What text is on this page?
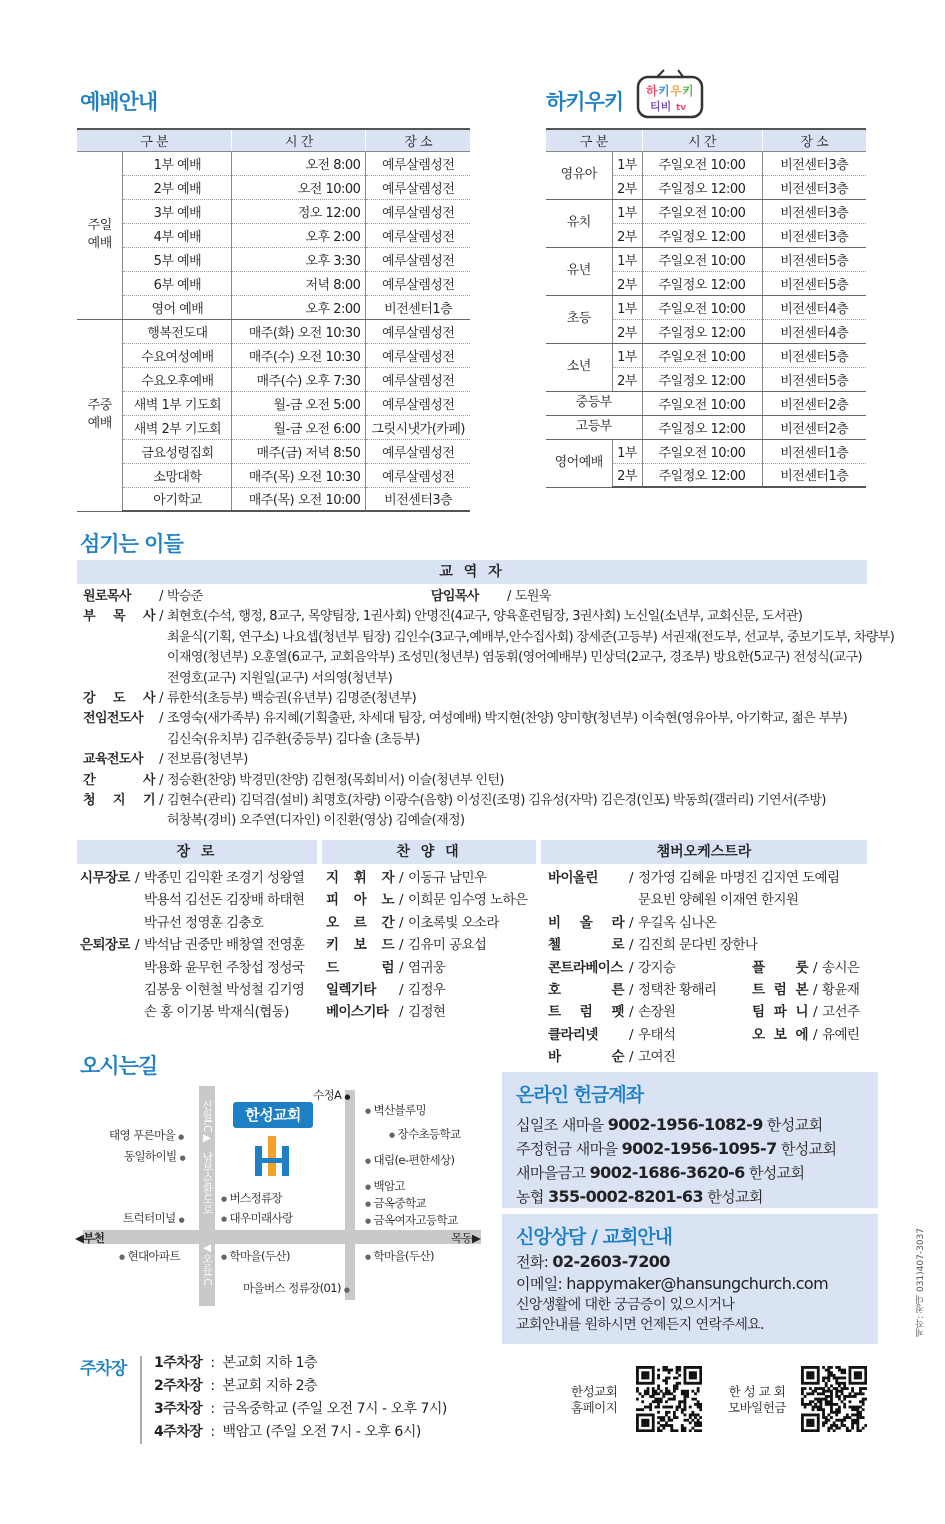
예배안내
구 분		시 간	장 소
주일
예배	1부 예배	오전 8:00	예루살렘성전
	2부 예배	오전 10:00	예루살렘성전
	3부 예배	정오 12:00	예루살렘성전
	4부 예배	오후 2:00	예루살렘성전
	5부 예배	오후 3:30	예루살렘성전
	6부 예배	저녁 8:00	예루살렘성전
	영어 예배	오후 2:00	비전센터1층
주중
예배	행복전도대	매주(화) 오전 10:30	예루살렘성전
	수요여성예배	매주(수) 오전 10:30	예루살렘성전
	수요오후예배	매주(수) 오후 7:30	예루살렘성전
	새벽 1부 기도회	월-금 오전 5:00	예루살렘성전
	새벽 2부 기도회	월-금 오전 6:00	그릿시냇가(카페)
	금요성령집회	매주(금) 저녁 8:50	예루살렘성전
	소망대학	매주(목) 오전 10:30	예루살렘성전
	아기학교	매주(목) 오전 10:00	비전센터3층
하키우키 하 키 우 키
티비 tv
구 분		시 간	장 소
영유아	1부	주일오전 10:00	비전센터3층
	2부	주일정오 12:00	비전센터3층
유치	1부	주일오전 10:00	비전센터3층
	2부	주일정오 12:00	비전센터3층
유년	1부	주일오전 10:00	비전센터5층
	2부	주일정오 12:00	비전센터5층
초등	1부	주일오전 10:00	비전센터4층
	2부	주일정오 12:00	비전센터4층
소년	1부	주일오전 10:00	비전센터5층
	2부	주일정오 12:00	비전센터5층
중등부		주일오전 10:00	비전센터2층
고등부		주일정오 12:00	비전센터2층
영어예배	1부	주일오전 10:00	비전센터1층
	2부	주일정오 12:00	비전센터1층
섬기는 이들
교 역 자
원로목사	/ 박승준	담임목사	/ 도원욱
부 목 사 / 최현호(수석, 행정, 8교구, 목양팀장, 1권사회) 안명진(4교구, 양육훈련팀장, 3권사회) 노신일(소년부, 교회신문, 도서관)
최윤식(기획, 연구소) 나요셉(청년부 팀장) 김인수(3교구,예배부,안수집사회) 장세준(고등부) 서권재(전도부, 선교부, 중보기도부, 차량부)
이재영(청년부) 오훈열(6교구, 교회음악부) 조성민(청년부) 염동휘(영어예배부) 민상덕(2교구, 경조부) 방요한(5교구) 전성식(교구)
전영호(교구) 지원일(교구) 서의영(청년부)
강 도 사 / 류한석(초등부) 백승권(유년부) 김명준(청년부)
전임전도사	/ 조영숙(새가족부) 유지혜(기획출판, 차세대 팀장, 여성예배) 박지현(찬양) 양미향(청년부) 이숙현(영유아부, 아기학교, 젊은 부부)
김신숙(유치부) 김주환(중등부) 김다솔 (초등부)
교육전도사	/ 전보름(청년부)
간 사 / 정승환(찬양) 박경민(찬양) 김현정(목회비서) 이슬(청년부 인턴)
청 지 기 / 김현수(관리) 김덕겸(설비) 최명호(차량) 이광수(음향) 이성진(조명) 김유성(자막) 김은경(인포) 박동희(갤러리) 기연서(주방)
허창복(경비) 오주연(디자인) 이진환(영상) 김예슬(재정)
장 로	찬 양 대	챔버오케스트라
시무장로 / 박종민 김익환 조경기 성왕열
박용석 김선돈 김장배 하태현
박규선 정영훈 김충호
은퇴장로 / 박석남 권중만 배창열 전영훈
박용화 윤무헌 주창섭 정성국
김봉웅 이현철 박성철 김기영
손 홍 이기봉 박재식(협동)
지 휘 자 / 이동규 남민우
피 아 노 / 이희문 임수영 노하은
오 르 간 / 이초록빛 오소라
키 보 드 / 김유미 공요섭
드 럼 / 염귀웅
일렉기타	/ 김정우
베이스기타 / 김정현
바이올린	/ 정가영 김혜윤 마명진 김지연 도예림
문요빈 양혜원 이재연 한지원
비 올 라 / 우길옥 심나온
첼 로 / 김진희 문다빈 장한나
콘트라베이스 / 강지승	플 룻 / 송시은
호 른 / 정택찬 황해리	트 럼 본 / 황윤재
트 럼 펫 / 손장원	팀 파 니 / 고선주
클라리넷	/ 우태석	오 보 에 / 유예린
바 순 / 고여진
오시는길
신월I.C▶
남부순환도로
◀오류I.C
한성교회
수정A ●
● 벽산블루밍
● 장수초등학교
태영 푸른마을 ●
동일하이빌 ●	● 대림(e-편한세상)
● 백암고
● 버스정류장	● 금옥중학교
● 대우미래사랑
트럭터미널 ●	● 금옥여자고등학교
◀부천	목동▶
● 현대아파트	● 학마을(두산)	● 학마을(두산)
마을버스 정류장(01) ●
온라인 헌금계좌
십일조 새마을 9002-1956-1082-9 한성교회
주정헌금 새마을 9002-1956-1095-7 한성교회
새마을금고 9002-1686-3620-6 한성교회
농협 355-0002-8201-63 한성교회
신앙상담 / 교회안내
전화: 02-2603-7200
이메일: happymaker@hansungchurch.com
신앙생활에 대한 궁금증이 있으시거나
교회안내를 원하시면 언제든지 연락주세요.	제작: 청대 031)407-3037
주차장 1주차장 : 본교회 지하 1층
2주차장 : 본교회 지하 2층
3주차장 : 금옥중학교 (주일 오전 7시 - 오후 7시)
4주차장 : 백암고 (주일 오전 7시 - 오후 6시)
한성교회
홈페이지
한 성 교 회
모바일헌금
